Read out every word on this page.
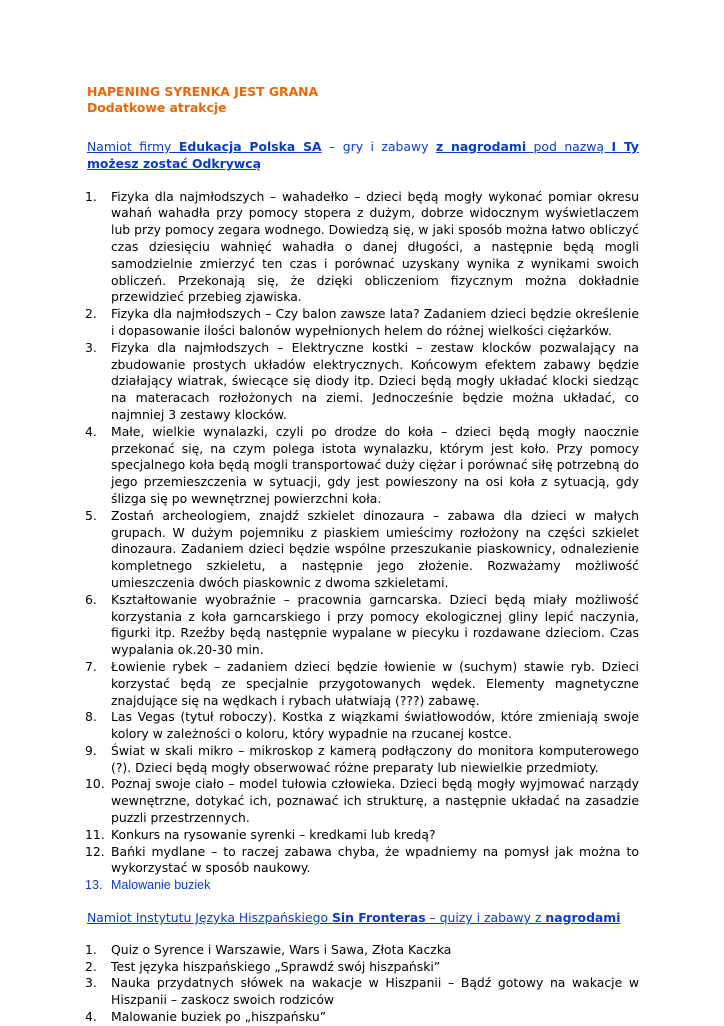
HAPENING SYRENKA JEST GRANA

Dodatkowe atrakcje

Namiot firmy Edukacja Polska SA – gry i zabawy z nagrodami pod nazwą I Ty możesz zostać Odkrywcą

1. Fizyka dla najmłodszych – wahadełko – dzieci będą mogły wykonać pomiar okresu wahań wahadła przy pomocy stopera z dużym, dobrze widocznym wyświetlaczem lub przy pomocy zegara wodnego. Dowiedzą się, w jaki sposób można łatwo obliczyć czas dziesięciu wahnięć wahadła o danej długości, a następnie będą mogli samodzielnie zmierzyć ten czas i porównać uzyskany wynika z wynikami swoich obliczeń. Przekonają się, że dzięki obliczeniom fizycznym można dokładnie przewidzieć przebieg zjawiska.
2. Fizyka dla najmłodszych – Czy balon zawsze lata? Zadaniem dzieci będzie określenie i dopasowanie ilości balonów wypełnionych helem do różnej wielkości ciężarków.
3. Fizyka dla najmłodszych – Elektryczne kostki – zestaw klocków pozwalający na zbudowanie prostych układów elektrycznych. Końcowym efektem zabawy będzie działający wiatrak, świecące się diody itp. Dzieci będą mogły układać klocki siedząc na materacach rozłożonych na ziemi. Jednocześnie będzie można układać, co najmniej 3 zestawy klocków.
4. Małe, wielkie wynalazki, czyli po drodze do koła – dzieci będą mogły naocznie przekonać się, na czym polega istota wynalazku, którym jest koło. Przy pomocy specjalnego koła będą mogli transportować duży ciężar i porównać siłę potrzebną do jego przemieszczenia w sytuacji, gdy jest powieszony na osi koła z sytuacją, gdy ślizga się po wewnętrznej powierzchni koła.
5. Zostań archeologiem, znajdź szkielet dinozaura – zabawa dla dzieci w małych grupach. W dużym pojemniku z piaskiem umieścimy rozłożony na części szkielet dinozaura. Zadaniem dzieci będzie wspólne przeszukanie piaskownicy, odnalezienie kompletnego szkieletu, a następnie jego złożenie. Rozważamy możliwość umieszczenia dwóch piaskownic z dwoma szkieletami.
6. Kształtowanie wyobraźnie – pracownia garncarska. Dzieci będą miały możliwość korzystania z koła garncarskiego i przy pomocy ekologicznej gliny lepić naczynia, figurki itp. Rzeźby będą następnie wypalane w piecyku i rozdawane dzieciom. Czas wypalania ok.20-30 min.
7. Łowienie rybek – zadaniem dzieci będzie łowienie w (suchym) stawie ryb. Dzieci korzystać będą ze specjalnie przygotowanych wędek. Elementy magnetyczne znajdujące się na wędkach i rybach ułatwiają (???) zabawę.
8. Las Vegas (tytuł roboczy). Kostka z wiązkami światłowodów, które zmieniają swoje kolory w zależności o koloru, który wypadnie na rzucanej kostce.
9. Świat w skali mikro – mikroskop z kamerą podłączony do monitora komputerowego (?). Dzieci będą mogły obserwować różne preparaty lub niewielkie przedmioty.
10. Poznaj swoje ciało – model tułowia człowieka. Dzieci będą mogły wyjmować narządy wewnętrzne, dotykać ich, poznawać ich strukturę, a następnie układać na zasadzie puzzli przestrzennych.
11. Konkurs na rysowanie syrenki – kredkami lub kredą?
12. Bańki mydlane – to raczej zabawa chyba, że wpadniemy na pomysł jak można to wykorzystać w sposób naukowy.
13. Malowanie buziek

Namiot Instytutu Języka Hiszpańskiego Sin Fronteras – quizy i zabawy z nagrodami

1. Quiz o Syrence i Warszawie, Wars i Sawa, Złota Kaczka
2. Test języka hiszpańskiego „Sprawdź swój hiszpański”
3. Nauka przydatnych słówek na wakacje w Hiszpanii – Bądź gotowy na wakacje w Hiszpanii – zaskocz swoich rodziców
4. Malowanie buziek po „hiszpańsku”
